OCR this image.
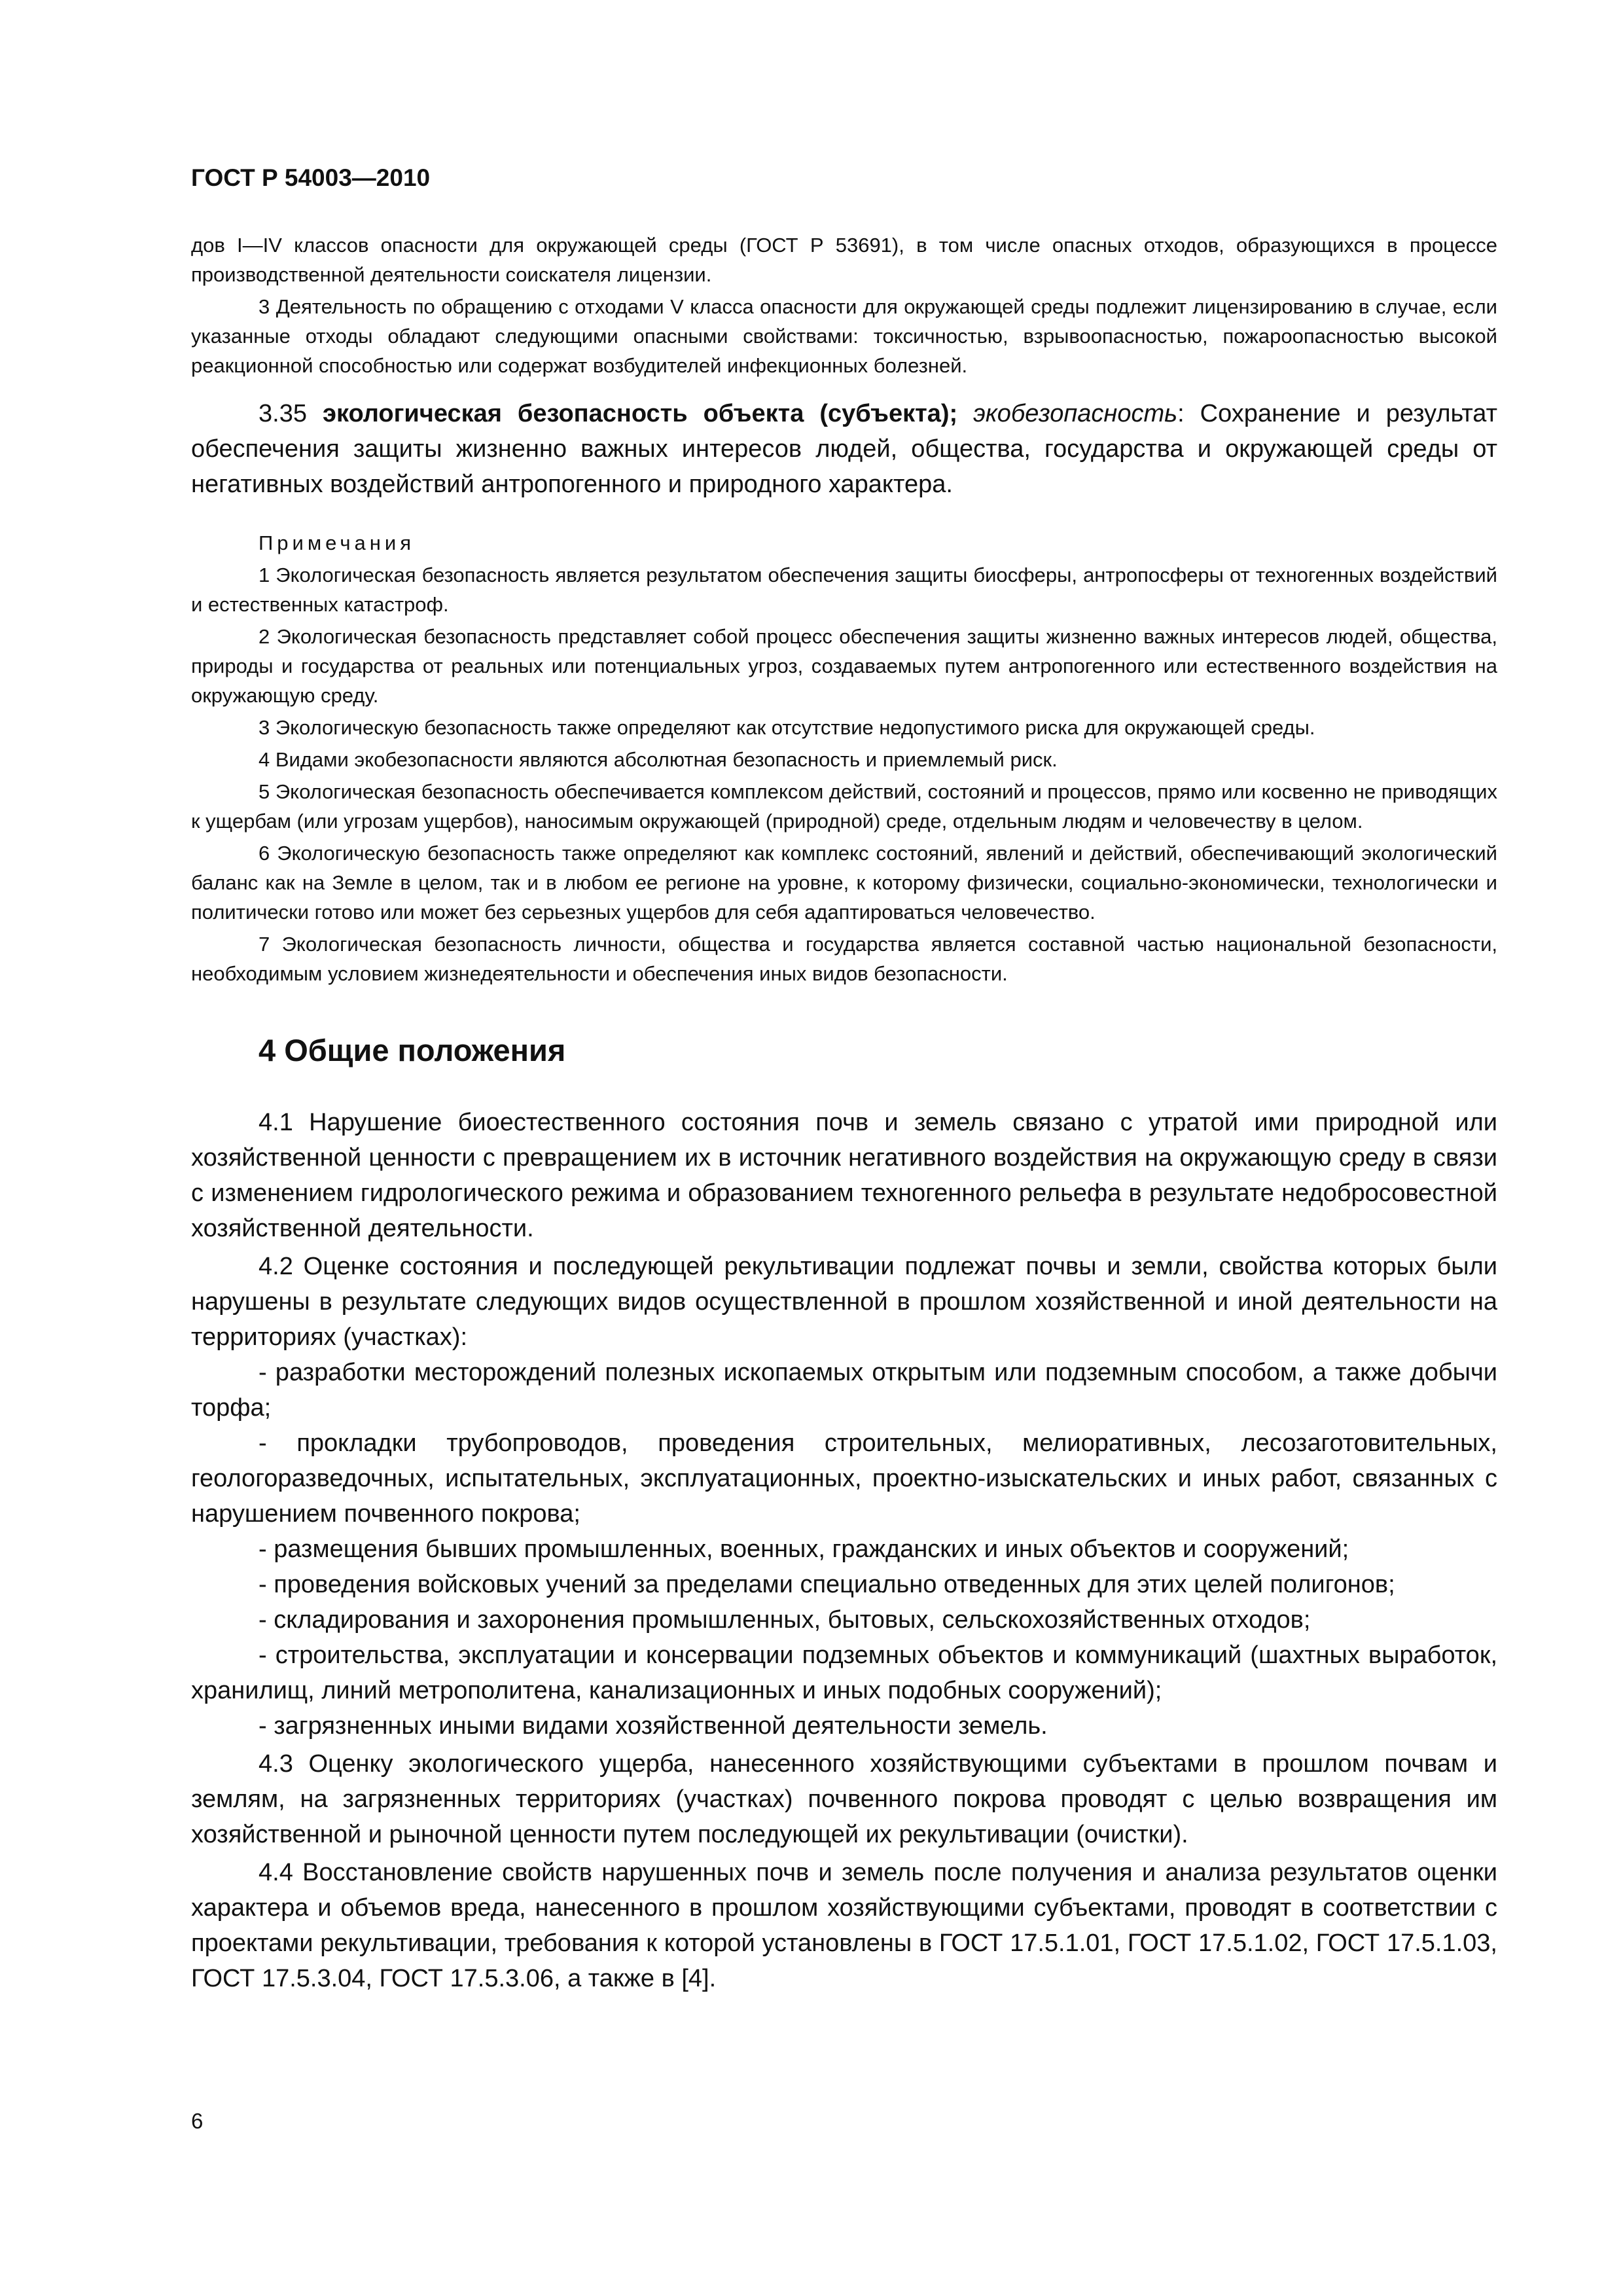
ГОСТ Р 54003—2010

дов I—IV классов опасности для окружающей среды (ГОСТ Р 53691), в том числе опасных отходов, образующихся в процессе производственной деятельности соискателя лицензии.

3 Деятельность по обращению с отходами V класса опасности для окружающей среды подлежит лицензированию в случае, если указанные отходы обладают следующими опасными свойствами: токсичностью, взрывоопасностью, пожароопасностью высокой реакционной способностью или содержат возбудителей инфекционных болезней.

3.35 экологическая безопасность объекта (субъекта); экобезопасность: Сохранение и результат обеспечения защиты жизненно важных интересов людей, общества, государства и окружающей среды от негативных воздействий антропогенного и природного характера.

Примечания

1 Экологическая безопасность является результатом обеспечения защиты биосферы, антропосферы от техногенных воздействий и естественных катастроф.

2 Экологическая безопасность представляет собой процесс обеспечения защиты жизненно важных интересов людей, общества, природы и государства от реальных или потенциальных угроз, создаваемых путем антропогенного или естественного воздействия на окружающую среду.

3 Экологическую безопасность также определяют как отсутствие недопустимого риска для окружающей среды.

4 Видами экобезопасности являются абсолютная безопасность и приемлемый риск.

5 Экологическая безопасность обеспечивается комплексом действий, состояний и процессов, прямо или косвенно не приводящих к ущербам (или угрозам ущербов), наносимым окружающей (природной) среде, отдельным людям и человечеству в целом.

6 Экологическую безопасность также определяют как комплекс состояний, явлений и действий, обеспечивающий экологический баланс как на Земле в целом, так и в любом ее регионе на уровне, к которому физически, социально-экономически, технологически и политически готово или может без серьезных ущербов для себя адаптироваться человечество.

7 Экологическая безопасность личности, общества и государства является составной частью национальной безопасности, необходимым условием жизнедеятельности и обеспечения иных видов безопасности.

4 Общие положения

4.1 Нарушение биоестественного состояния почв и земель связано с утратой ими природной или хозяйственной ценности с превращением их в источник негативного воздействия на окружающую среду в связи с изменением гидрологического режима и образованием техногенного рельефа в результате недобросовестной хозяйственной деятельности.

4.2 Оценке состояния и последующей рекультивации подлежат почвы и земли, свойства которых были нарушены в результате следующих видов осуществленной в прошлом хозяйственной и иной деятельности на территориях (участках):

- разработки месторождений полезных ископаемых открытым или подземным способом, а также добычи торфа;

- прокладки трубопроводов, проведения строительных, мелиоративных, лесозаготовительных, геологоразведочных, испытательных, эксплуатационных, проектно-изыскательских и иных работ, связанных с нарушением почвенного покрова;

- размещения бывших промышленных, военных, гражданских и иных объектов и сооружений;

- проведения войсковых учений за пределами специально отведенных для этих целей полигонов;

- складирования и захоронения промышленных, бытовых, сельскохозяйственных отходов;

- строительства, эксплуатации и консервации подземных объектов и коммуникаций (шахтных выработок, хранилищ, линий метрополитена, канализационных и иных подобных сооружений);

- загрязненных иными видами хозяйственной деятельности земель.

4.3 Оценку экологического ущерба, нанесенного хозяйствующими субъектами в прошлом почвам и землям, на загрязненных территориях (участках) почвенного покрова проводят с целью возвращения им хозяйственной и рыночной ценности путем последующей их рекультивации (очистки).

4.4 Восстановление свойств нарушенных почв и земель после получения и анализа результатов оценки характера и объемов вреда, нанесенного в прошлом хозяйствующими субъектами, проводят в соответствии с проектами рекультивации, требования к которой установлены в ГОСТ 17.5.1.01, ГОСТ 17.5.1.02, ГОСТ 17.5.1.03, ГОСТ 17.5.3.04, ГОСТ 17.5.3.06, а также в [4].

6
